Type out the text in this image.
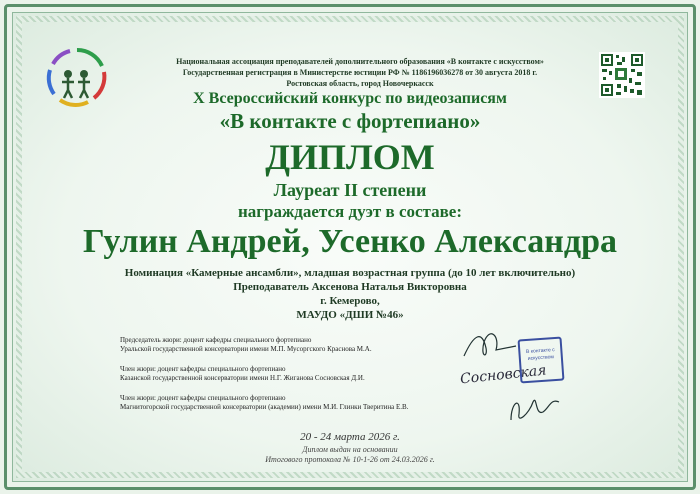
Национальная ассоциация преподавателей дополнительного образования «В контакте с искусством»
Государственная регистрация в Министерстве юстиции РФ № 1186196036278 от 30 августа 2018 г.
Ростовская область, город Новочеркасск
X Всероссийский конкурс по видеозаписям
«В контакте с фортепиано»
ДИПЛОМ
Лауреат II степени
награждается дуэт в составе:
Гулин Андрей, Усенко Александра
Номинация «Камерные ансамбли», младшая возрастная группа (до 10 лет включительно)
Преподаватель Аксенова Наталья Викторовна
г. Кемерово,
МАУДО «ДШИ №46»
Председатель жюри: доцент кафедры специального фортепиано
Уральской государственной консерватории имени М.П. Мусоргского Краснова М.А.
Член жюри: доцент кафедры специального фортепиано
Казанской государственной консерватории имени Н.Г. Жиганова Сосновская Д.И.
Член жюри: доцент кафедры специального фортепиано
Магнитогорской государственной консерватории (академии) имени М.И. Глинки Тверитина Е.В.
Сосновская
В контакте с искусством
20 - 24 марта 2026 г.
Диплом выдан на основании
Итогового протокола № 10-1-26 от 24.03.2026 г.
